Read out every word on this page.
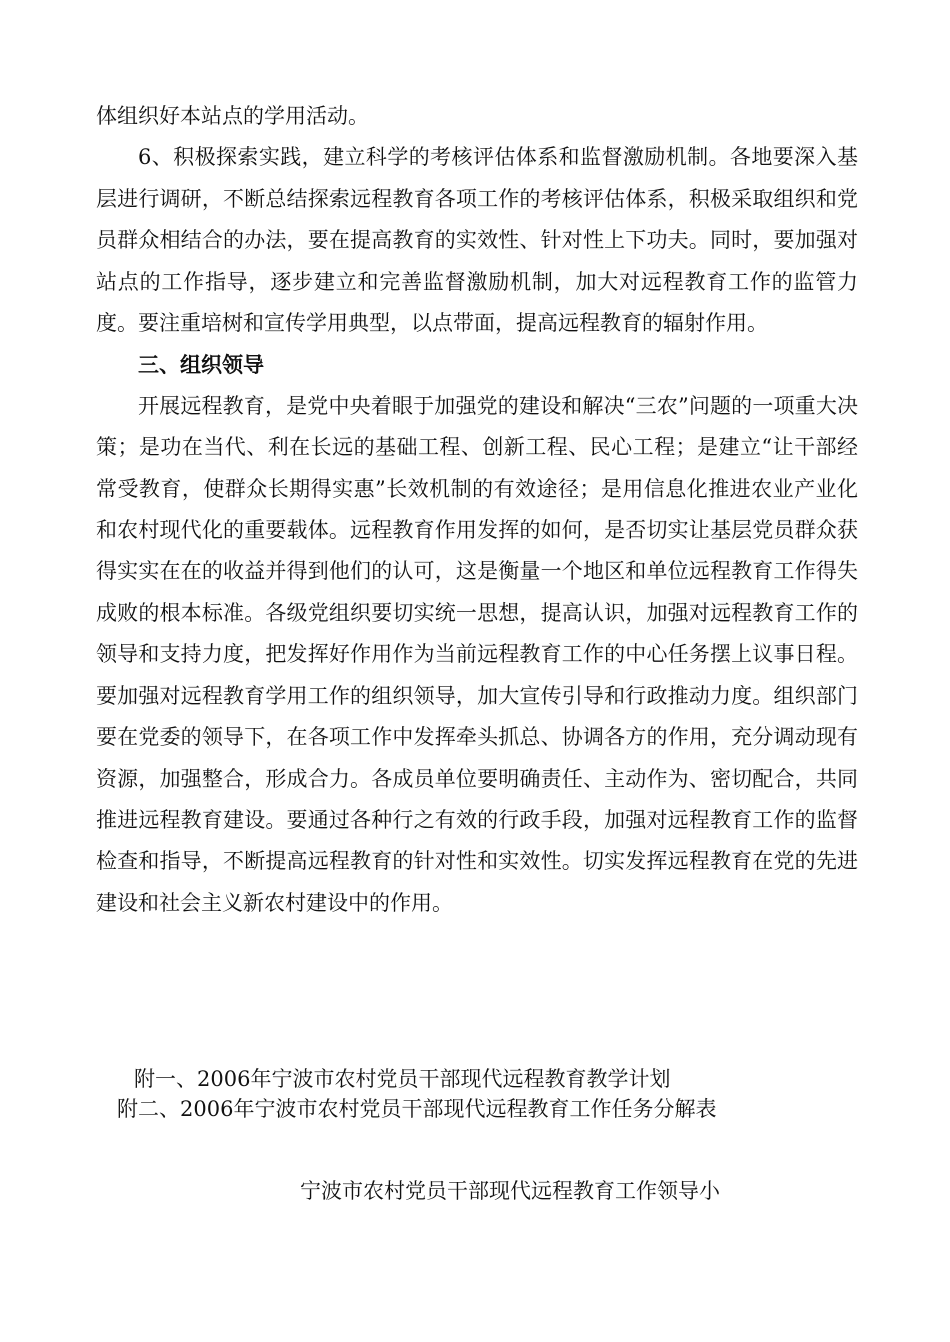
体组织好本站点的学用活动。

6、积极探索实践，建立科学的考核评估体系和监督激励机制。各地要深入基层进行调研，不断总结探索远程教育各项工作的考核评估体系，积极采取组织和党员群众相结合的办法，要在提高教育的实效性、针对性上下功夫。同时，要加强对站点的工作指导，逐步建立和完善监督激励机制，加大对远程教育工作的监管力度。要注重培树和宣传学用典型，以点带面，提高远程教育的辐射作用。

三、组织领导

开展远程教育，是党中央着眼于加强党的建设和解决“三农”问题的一项重大决策；是功在当代、利在长远的基础工程、创新工程、民心工程；是建立“让干部经常受教育，使群众长期得实惠”长效机制的有效途径；是用信息化推进农业产业化和农村现代化的重要载体。远程教育作用发挥的如何，是否切实让基层党员群众获得实实在在的收益并得到他们的认可，这是衡量一个地区和单位远程教育工作得失成败的根本标准。各级党组织要切实统一思想，提高认识，加强对远程教育工作的领导和支持力度，把发挥好作用作为当前远程教育工作的中心任务摆上议事日程。要加强对远程教育学用工作的组织领导，加大宣传引导和行政推动力度。组织部门要在党委的领导下，在各项工作中发挥牵头抓总、协调各方的作用，充分调动现有资源，加强整合，形成合力。各成员单位要明确责任、主动作为、密切配合，共同推进远程教育建设。要通过各种行之有效的行政手段，加强对远程教育工作的监督检查和指导，不断提高远程教育的针对性和实效性。切实发挥远程教育在党的先进建设和社会主义新农村建设中的作用。

附一、2006年宁波市农村党员干部现代远程教育教学计划
附二、2006年宁波市农村党员干部现代远程教育工作任务分解表
宁波市农村党员干部现代远程教育工作领导小
